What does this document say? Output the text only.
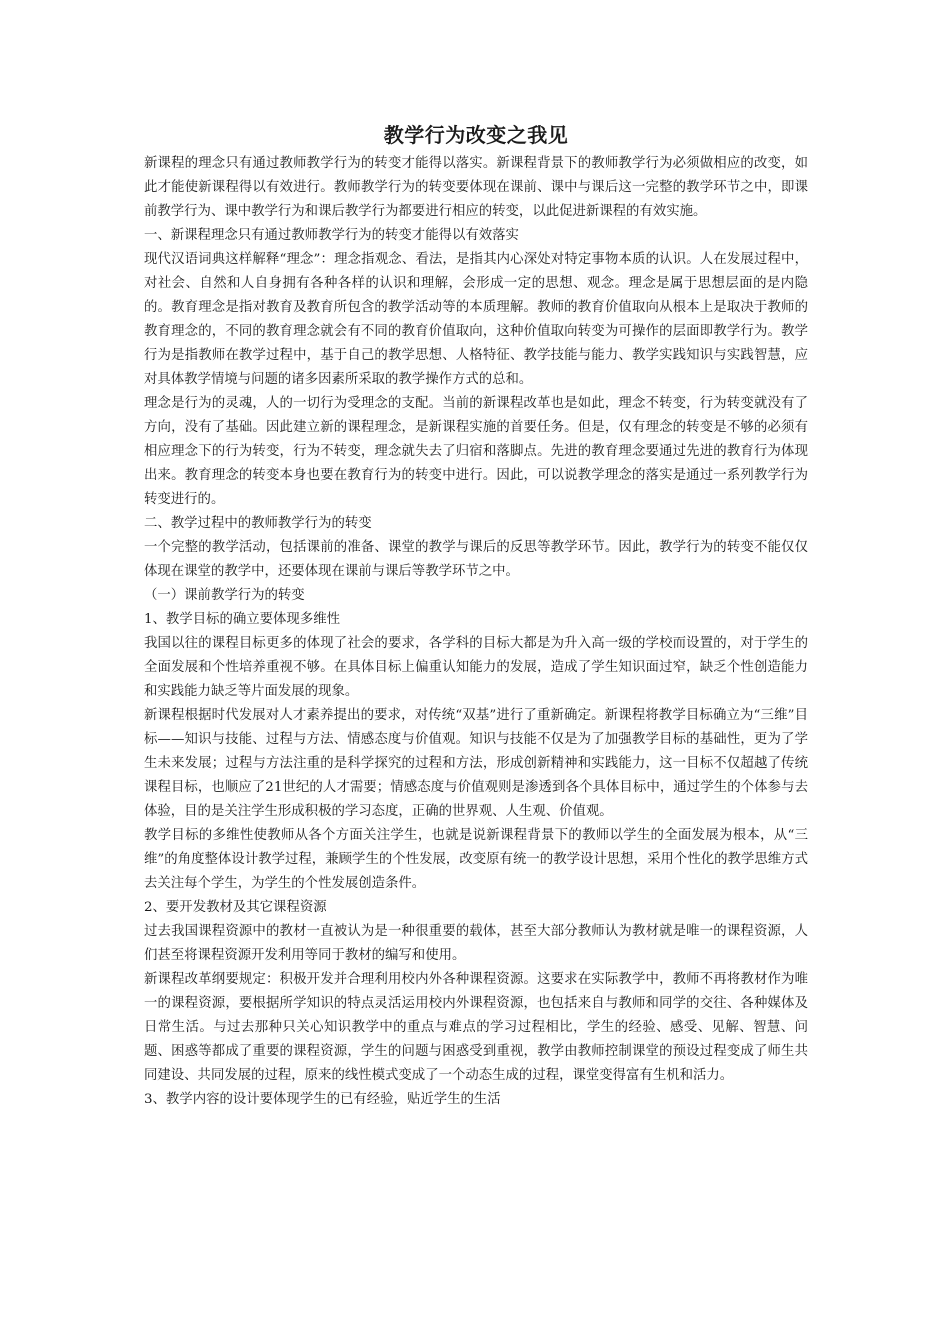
教学行为改变之我见

新课程的理念只有通过教师教学行为的转变才能得以落实。新课程背景下的教师教学行为必须做相应的改变，如此才能使新课程得以有效进行。教师教学行为的转变要体现在课前、课中与课后这一完整的教学环节之中，即课前教学行为、课中教学行为和课后教学行为都要进行相应的转变，以此促进新课程的有效实施。

一、新课程理念只有通过教师教学行为的转变才能得以有效落实

现代汉语词典这样解释“理念”：理念指观念、看法，是指其内心深处对特定事物本质的认识。人在发展过程中，对社会、自然和人自身拥有各种各样的认识和理解，会形成一定的思想、观念。理念是属于思想层面的是内隐的。教育理念是指对教育及教育所包含的教学活动等的本质理解。教师的教育价值取向从根本上是取决于教师的教育理念的，不同的教育理念就会有不同的教育价值取向，这种价值取向转变为可操作的层面即教学行为。教学行为是指教师在教学过程中，基于自己的教学思想、人格特征、教学技能与能力、教学实践知识与实践智慧，应对具体教学情境与问题的诸多因素所采取的教学操作方式的总和。

理念是行为的灵魂，人的一切行为受理念的支配。当前的新课程改革也是如此，理念不转变，行为转变就没有了方向，没有了基础。因此建立新的课程理念，是新课程实施的首要任务。但是，仅有理念的转变是不够的必须有相应理念下的行为转变，行为不转变，理念就失去了归宿和落脚点。先进的教育理念要通过先进的教育行为体现出来。教育理念的转变本身也要在教育行为的转变中进行。因此，可以说教学理念的落实是通过一系列教学行为转变进行的。

二、教学过程中的教师教学行为的转变

一个完整的教学活动，包括课前的准备、课堂的教学与课后的反思等教学环节。因此，教学行为的转变不能仅仅体现在课堂的教学中，还要体现在课前与课后等教学环节之中。

（一）课前教学行为的转变

1、教学目标的确立要体现多维性

我国以往的课程目标更多的体现了社会的要求，各学科的目标大都是为升入高一级的学校而设置的，对于学生的全面发展和个性培养重视不够。在具体目标上偏重认知能力的发展，造成了学生知识面过窄，缺乏个性创造能力和实践能力缺乏等片面发展的现象。

新课程根据时代发展对人才素养提出的要求，对传统“双基”进行了重新确定。新课程将教学目标确立为“三维”目标——知识与技能、过程与方法、情感态度与价值观。知识与技能不仅是为了加强教学目标的基础性，更为了学生未来发展；过程与方法注重的是科学探究的过程和方法，形成创新精神和实践能力，这一目标不仅超越了传统课程目标，也顺应了21世纪的人才需要；情感态度与价值观则是渗透到各个具体目标中，通过学生的个体参与去体验，目的是关注学生形成积极的学习态度，正确的世界观、人生观、价值观。

教学目标的多维性使教师从各个方面关注学生，也就是说新课程背景下的教师以学生的全面发展为根本，从“三维”的角度整体设计教学过程，兼顾学生的个性发展，改变原有统一的教学设计思想，采用个性化的教学思维方式去关注每个学生，为学生的个性发展创造条件。

2、要开发教材及其它课程资源

过去我国课程资源中的教材一直被认为是一种很重要的载体，甚至大部分教师认为教材就是唯一的课程资源，人们甚至将课程资源开发利用等同于教材的编写和使用。

新课程改革纲要规定：积极开发并合理利用校内外各种课程资源。这要求在实际教学中，教师不再将教材作为唯一的课程资源，要根据所学知识的特点灵活运用校内外课程资源，也包括来自与教师和同学的交往、各种媒体及日常生活。与过去那种只关心知识教学中的重点与难点的学习过程相比，学生的经验、感受、见解、智慧、问题、困惑等都成了重要的课程资源，学生的问题与困惑受到重视，教学由教师控制课堂的预设过程变成了师生共同建设、共同发展的过程，原来的线性模式变成了一个动态生成的过程，课堂变得富有生机和活力。

3、教学内容的设计要体现学生的已有经验，贴近学生的生活
